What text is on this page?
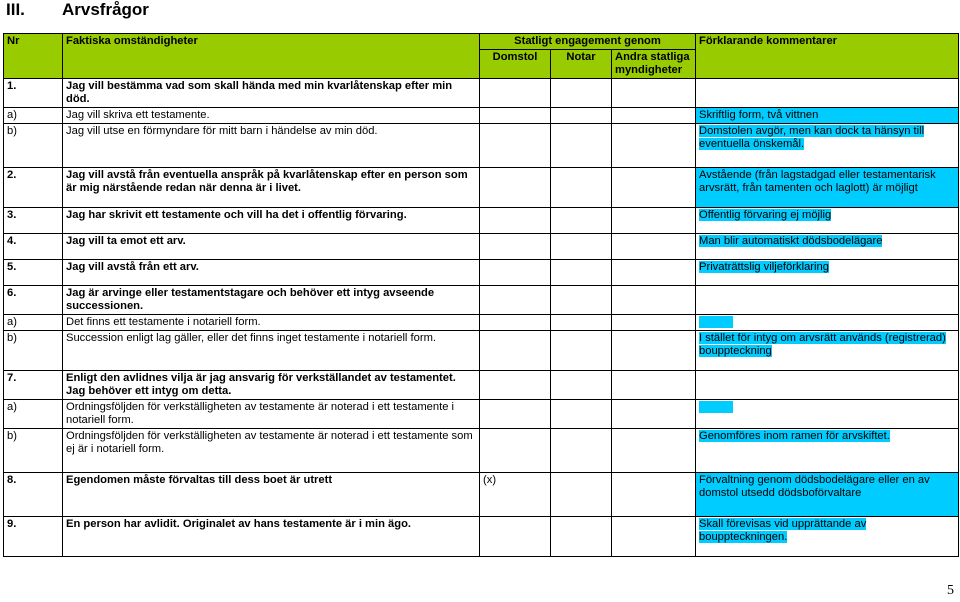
III. Arvsfrågor
Nr	Faktiska omständigheter	Statligt engagement genom			Förklarande kommentarer
		Domstol	Notar	Andra statliga myndigheter	
1.	Jag vill bestämma vad som skall hända med min kvarlåtenskap efter min död.				
a)	Jag vill skriva ett testamente.				Skriftlig form, två vittnen
b)	Jag vill utse en förmyndare för mitt barn i händelse av min död.				Domstolen avgör, men kan dock ta hänsyn till eventuella önskemål.
2.	Jag vill avstå från eventuella anspråk på kvarlåtenskap efter en person som är mig närstående redan när denna är i livet.				Avstående (från lagstadgad eller testamentarisk arvsrätt, från tamenten och laglott) är möjligt
3.	Jag har skrivit ett testamente och vill ha det i offentlig förvaring.				Offentlig förvaring ej möjlig
4.	Jag vill ta emot ett arv.				Man blir automatiskt dödsbodelägare
5.	Jag vill avstå från ett arv.				Privaträttslig viljeförklaring
6.	Jag är arvinge eller testamentstagare och behöver ett intyg avseende successionen.				
a)	Det finns ett testamente i notariell form.				

b)	Succession enligt lag gäller, eller det finns inget testamente i notariell form.				I stället för intyg om arvsrätt används (registrerad) bouppteckning
7.	Enligt den avlidnes vilja är jag ansvarig för verkställandet av testamentet. Jag behöver ett intyg om detta.				
a)	Ordningsföljden för verkställigheten av testamente är noterad i ett testamente i notariell form.				

b)	Ordningsföljden för verkställigheten av testamente är noterad i ett testamente som ej är i notariell form.				Genomföres inom ramen för arvskiftet.
8.	Egendomen måste förvaltas till dess boet är utrett	(x)			Förvaltning genom dödsbodelägare eller en av domstol utsedd dödsboförvaltare
9.	En person har avlidit. Originalet av hans testamente är i min ägo.				Skall förevisas vid upprättande av bouppteckningen.
5
